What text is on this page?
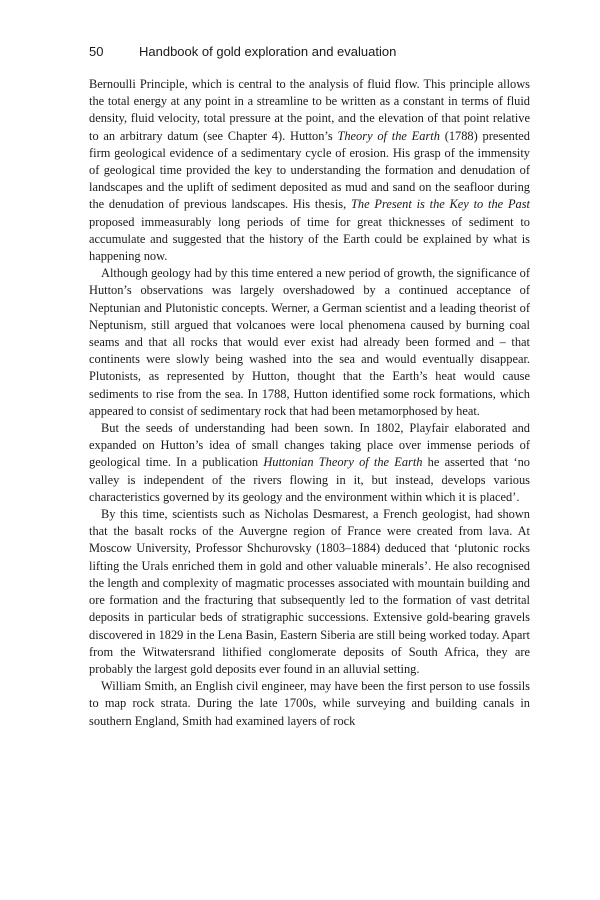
50	Handbook of gold exploration and evaluation

Bernoulli Principle, which is central to the analysis of fluid flow. This principle allows the total energy at any point in a streamline to be written as a constant in terms of fluid density, fluid velocity, total pressure at the point, and the elevation of that point relative to an arbitrary datum (see Chapter 4). Hutton’s Theory of the Earth (1788) presented firm geological evidence of a sedimentary cycle of erosion. His grasp of the immensity of geological time provided the key to understanding the formation and denudation of landscapes and the uplift of sediment deposited as mud and sand on the seafloor during the denudation of previous landscapes. His thesis, The Present is the Key to the Past proposed immeasurably long periods of time for great thicknesses of sediment to accumulate and suggested that the history of the Earth could be explained by what is happening now.

Although geology had by this time entered a new period of growth, the significance of Hutton’s observations was largely overshadowed by a continued acceptance of Neptunian and Plutonistic concepts. Werner, a German scientist and a leading theorist of Neptunism, still argued that volcanoes were local phenomena caused by burning coal seams and that all rocks that would ever exist had already been formed and – that continents were slowly being washed into the sea and would eventually disappear. Plutonists, as represented by Hutton, thought that the Earth’s heat would cause sediments to rise from the sea. In 1788, Hutton identified some rock formations, which appeared to consist of sedimentary rock that had been metamorphosed by heat.

But the seeds of understanding had been sown. In 1802, Playfair elaborated and expanded on Hutton’s idea of small changes taking place over immense periods of geological time. In a publication Huttonian Theory of the Earth he asserted that ‘no valley is independent of the rivers flowing in it, but instead, develops various characteristics governed by its geology and the environment within which it is placed’.

By this time, scientists such as Nicholas Desmarest, a French geologist, had shown that the basalt rocks of the Auvergne region of France were created from lava. At Moscow University, Professor Shchurovsky (1803–1884) deduced that ‘plutonic rocks lifting the Urals enriched them in gold and other valuable minerals’. He also recognised the length and complexity of magmatic processes associated with mountain building and ore formation and the fracturing that subsequently led to the formation of vast detrital deposits in particular beds of stratigraphic successions. Extensive gold-bearing gravels discovered in 1829 in the Lena Basin, Eastern Siberia are still being worked today. Apart from the Witwatersrand lithified conglomerate deposits of South Africa, they are probably the largest gold deposits ever found in an alluvial setting.

William Smith, an English civil engineer, may have been the first person to use fossils to map rock strata. During the late 1700s, while surveying and building canals in southern England, Smith had examined layers of rock
